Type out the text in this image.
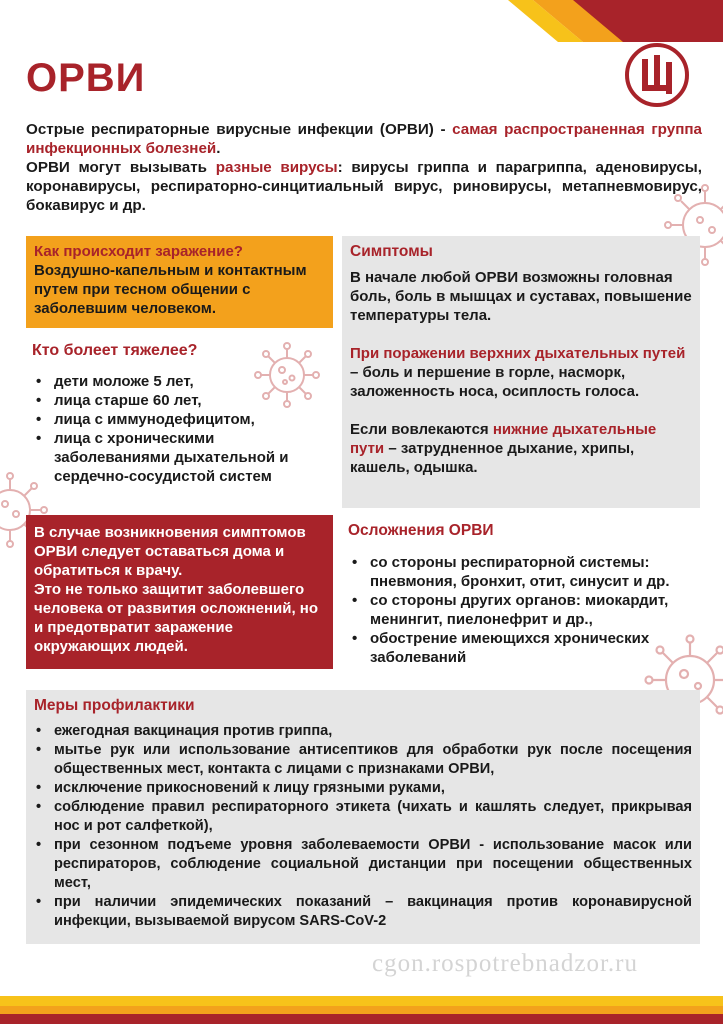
ОРВИ

Острые респираторные вирусные инфекции (ОРВИ) - самая распространенная группа инфекционных болезней.

ОРВИ могут вызывать разные вирусы: вирусы гриппа и парагриппа, аденовирусы, коронавирусы, респираторно-синцитиальный вирус, риновирусы, метапневмовирус, бокавирус и др.

Как происходит заражение?
Воздушно-капельным и контактным путем при тесном общении с заболевшим человеком.
Кто болеет тяжелее?
• дети моложе 5 лет,
• лица старше 60 лет,
• лица с иммунодефицитом,
• лица с хроническими заболеваниями дыхательной и сердечно-сосудистой систем
Симптомы
В начале любой ОРВИ возможны головная боль, боль в мышцах и суставах, повышение температуры тела.
При поражении верхних дыхательных путей – боль и першение в горле, насморк, заложенность носа, осиплость голоса.
Если вовлекаются нижние дыхательные пути – затрудненное дыхание, хрипы, кашель, одышка.
В случае возникновения симптомов ОРВИ следует оставаться дома и обратиться к врачу.
Это не только защитит заболевшего человека от развития осложнений, но и предотвратит заражение окружающих людей.
Осложнения ОРВИ
• со стороны респираторной системы: пневмония, бронхит, отит, синусит и др.
• со стороны других органов: миокардит, менингит, пиелонефрит и др.,
• обострение имеющихся хронических заболеваний
Меры профилактики
• ежегодная вакцинация против гриппа,
• мытье рук или использование антисептиков для обработки рук после посещения общественных мест, контакта с лицами с признаками ОРВИ,
• исключение прикосновений к лицу грязными руками,
• соблюдение правил респираторного этикета (чихать и кашлять следует, прикрывая нос и рот салфеткой),
• при сезонном подъеме уровня заболеваемости ОРВИ - использование масок или респираторов, соблюдение социальной дистанции при посещении общественных мест,
• при наличии эпидемических показаний – вакцинация против коронавирусной инфекции, вызываемой вирусом SARS-CoV-2
cgon.rospotrebnadzor.ru
